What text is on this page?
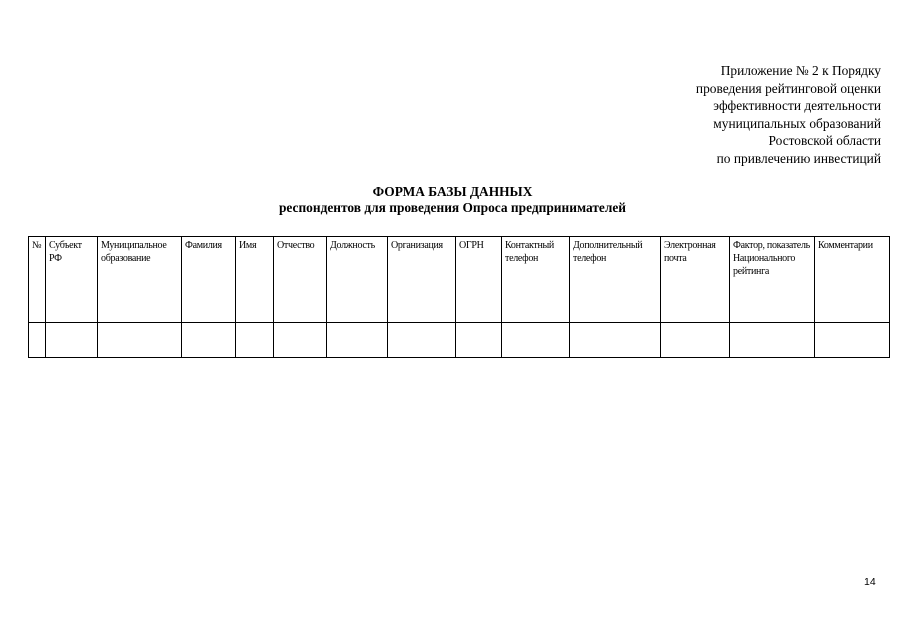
Приложение № 2 к Порядку
проведения рейтинговой оценки
эффективности деятельности
муниципальных образований
Ростовской области
по привлечению инвестиций
ФОРМА БАЗЫ ДАННЫХ
респондентов для проведения Опроса предпринимателей
№	Субъект РФ	Муниципальное образование	Фамилия	Имя	Отчество	Должность	Организация	ОГРН	Контактный телефон	Дополнительный телефон	Электронная почта	Фактор, показатель Национального рейтинга	Комментарии

14
